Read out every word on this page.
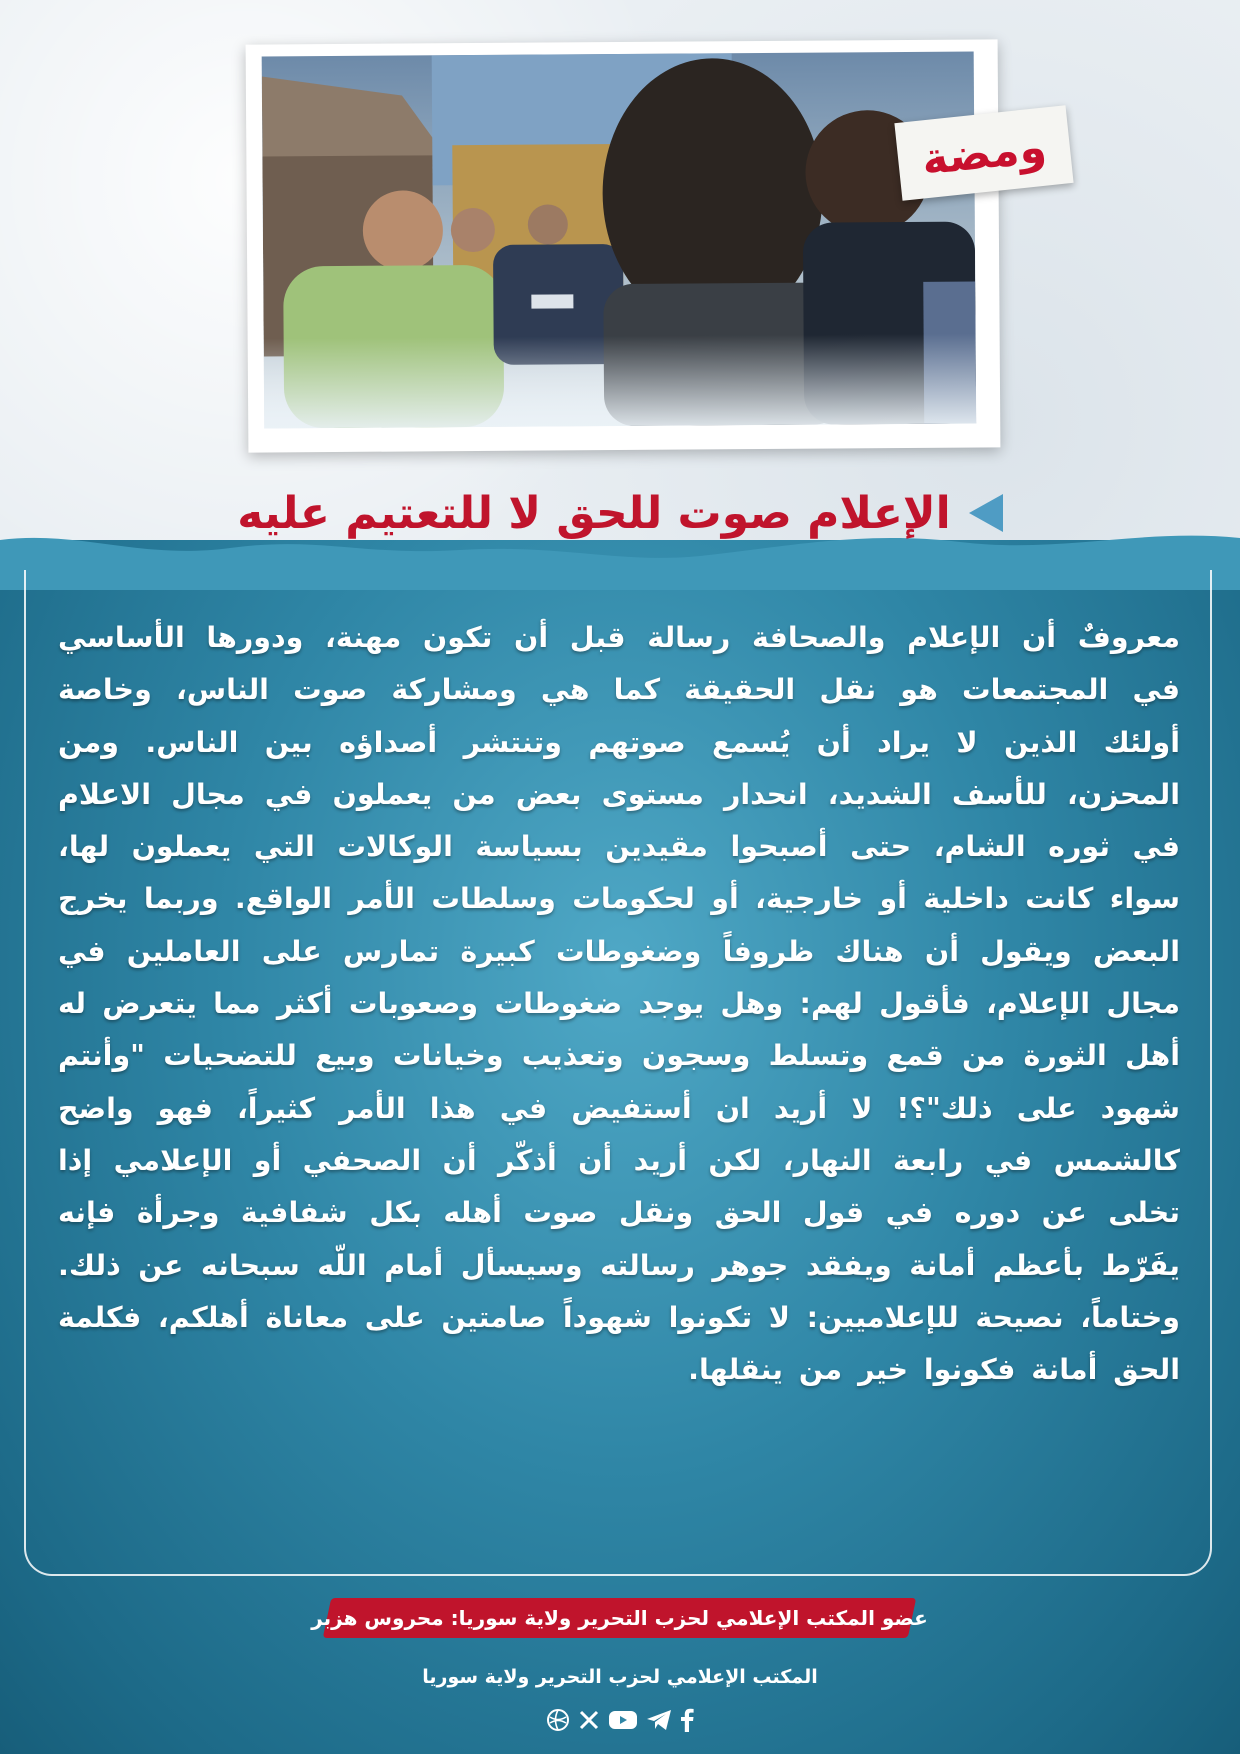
ومضة
الإعلام صوت للحق لا للتعتيم عليه
معروفٌ أن الإعلام والصحافة رسالة قبل أن تكون مهنة، ودورها الأساسي في المجتمعات هو نقل الحقيقة كما هي ومشاركة صوت الناس، وخاصة أولئك الذين لا يراد أن يُسمع صوتهم وتنتشر أصداؤه بين الناس. ومن المحزن، للأسف الشديد، انحدار مستوى بعض من يعملون في مجال الاعلام في ثوره الشام، حتى أصبحوا مقيدين بسياسة الوكالات التي يعملون لها، سواء كانت داخلية أو خارجية، أو لحكومات وسلطات الأمر الواقع. وربما يخرج البعض ويقول أن هناك ظروفاً وضغوطات كبيرة تمارس على العاملين في مجال الإعلام، فأقول لهم: وهل يوجد ضغوطات وصعوبات أكثر مما يتعرض له أهل الثورة من قمع وتسلط وسجون وتعذيب وخيانات وبيع للتضحيات "وأنتم شهود على ذلك"؟! لا أريد ان أستفيض في هذا الأمر كثيراً، فهو واضح كالشمس في رابعة النهار، لكن أريد أن أذكّر أن الصحفي أو الإعلامي إذا تخلى عن دوره في قول الحق ونقل صوت أهله بكل شفافية وجرأة فإنه يفَرّط بأعظم أمانة ويفقد جوهر رسالته وسيسأل أمام اللّه سبحانه عن ذلك. وختاماً، نصيحة للإعلاميين: لا تكونوا شهوداً صامتين على معاناة أهلكم، فكلمة الحق أمانة فكونوا خير من ينقلها.
عضو المكتب الإعلامي لحزب التحرير ولاية سوريا: محروس هزبر
المكتب الإعلامي لحزب التحرير ولاية سوريا
